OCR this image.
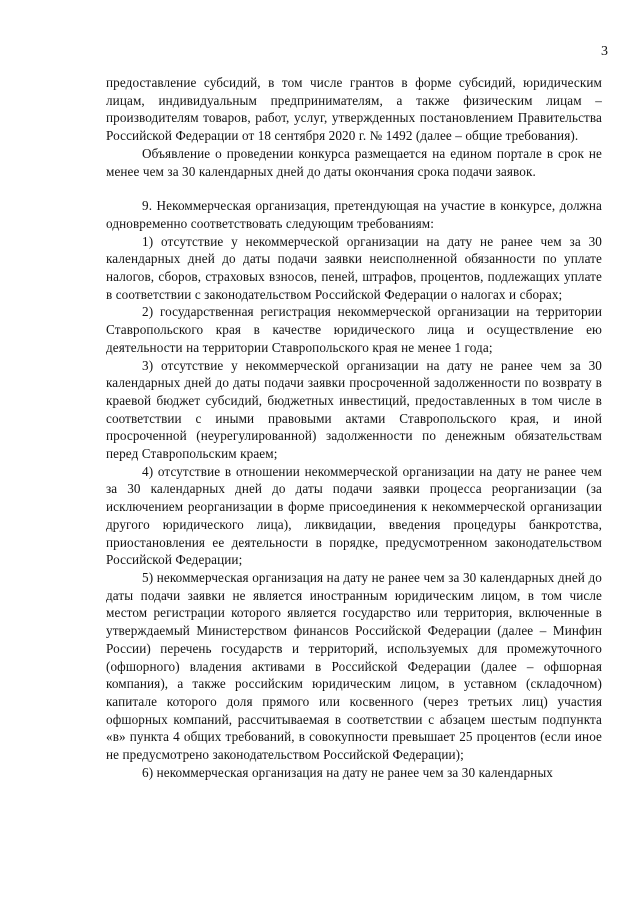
3

предоставление субсидий, в том числе грантов в форме субсидий, юридическим лицам, индивидуальным предпринимателям, а также физическим лицам – производителям товаров, работ, услуг, утвержденных постановлением Правительства Российской Федерации от 18 сентября 2020 г. № 1492 (далее – общие требования).

Объявление о проведении конкурса размещается на едином портале в срок не менее чем за 30 календарных дней до даты окончания срока подачи заявок.

9. Некоммерческая организация, претендующая на участие в конкурсе, должна одновременно соответствовать следующим требованиям:

1) отсутствие у некоммерческой организации на дату не ранее чем за 30 календарных дней до даты подачи заявки неисполненной обязанности по уплате налогов, сборов, страховых взносов, пеней, штрафов, процентов, подлежащих уплате в соответствии с законодательством Российской Федерации о налогах и сборах;

2) государственная регистрация некоммерческой организации на территории Ставропольского края в качестве юридического лица и осуществление ею деятельности на территории Ставропольского края не менее 1 года;

3) отсутствие у некоммерческой организации на дату не ранее чем за 30 календарных дней до даты подачи заявки просроченной задолженности по возврату в краевой бюджет субсидий, бюджетных инвестиций, предоставленных в том числе в соответствии с иными правовыми актами Ставропольского края, и иной просроченной (неурегулированной) задолженности по денежным обязательствам перед Ставропольским краем;

4) отсутствие в отношении некоммерческой организации на дату не ранее чем за 30 календарных дней до даты подачи заявки процесса реорганизации (за исключением реорганизации в форме присоединения к некоммерческой организации другого юридического лица), ликвидации, введения процедуры банкротства, приостановления ее деятельности в порядке, предусмотренном законодательством Российской Федерации;

5) некоммерческая организация на дату не ранее чем за 30 календарных дней до даты подачи заявки не является иностранным юридическим лицом, в том числе местом регистрации которого является государство или территория, включенные в утверждаемый Министерством финансов Российской Федерации (далее – Минфин России) перечень государств и территорий, используемых для промежуточного (офшорного) владения активами в Российской Федерации (далее – офшорная компания), а также российским юридическим лицом, в уставном (складочном) капитале которого доля прямого или косвенного (через третьих лиц) участия офшорных компаний, рассчитываемая в соответствии с абзацем шестым подпункта «в» пункта 4 общих требований, в совокупности превышает 25 процентов (если иное не предусмотрено законодательством Российской Федерации);

6) некоммерческая организация на дату не ранее чем за 30 календарных
